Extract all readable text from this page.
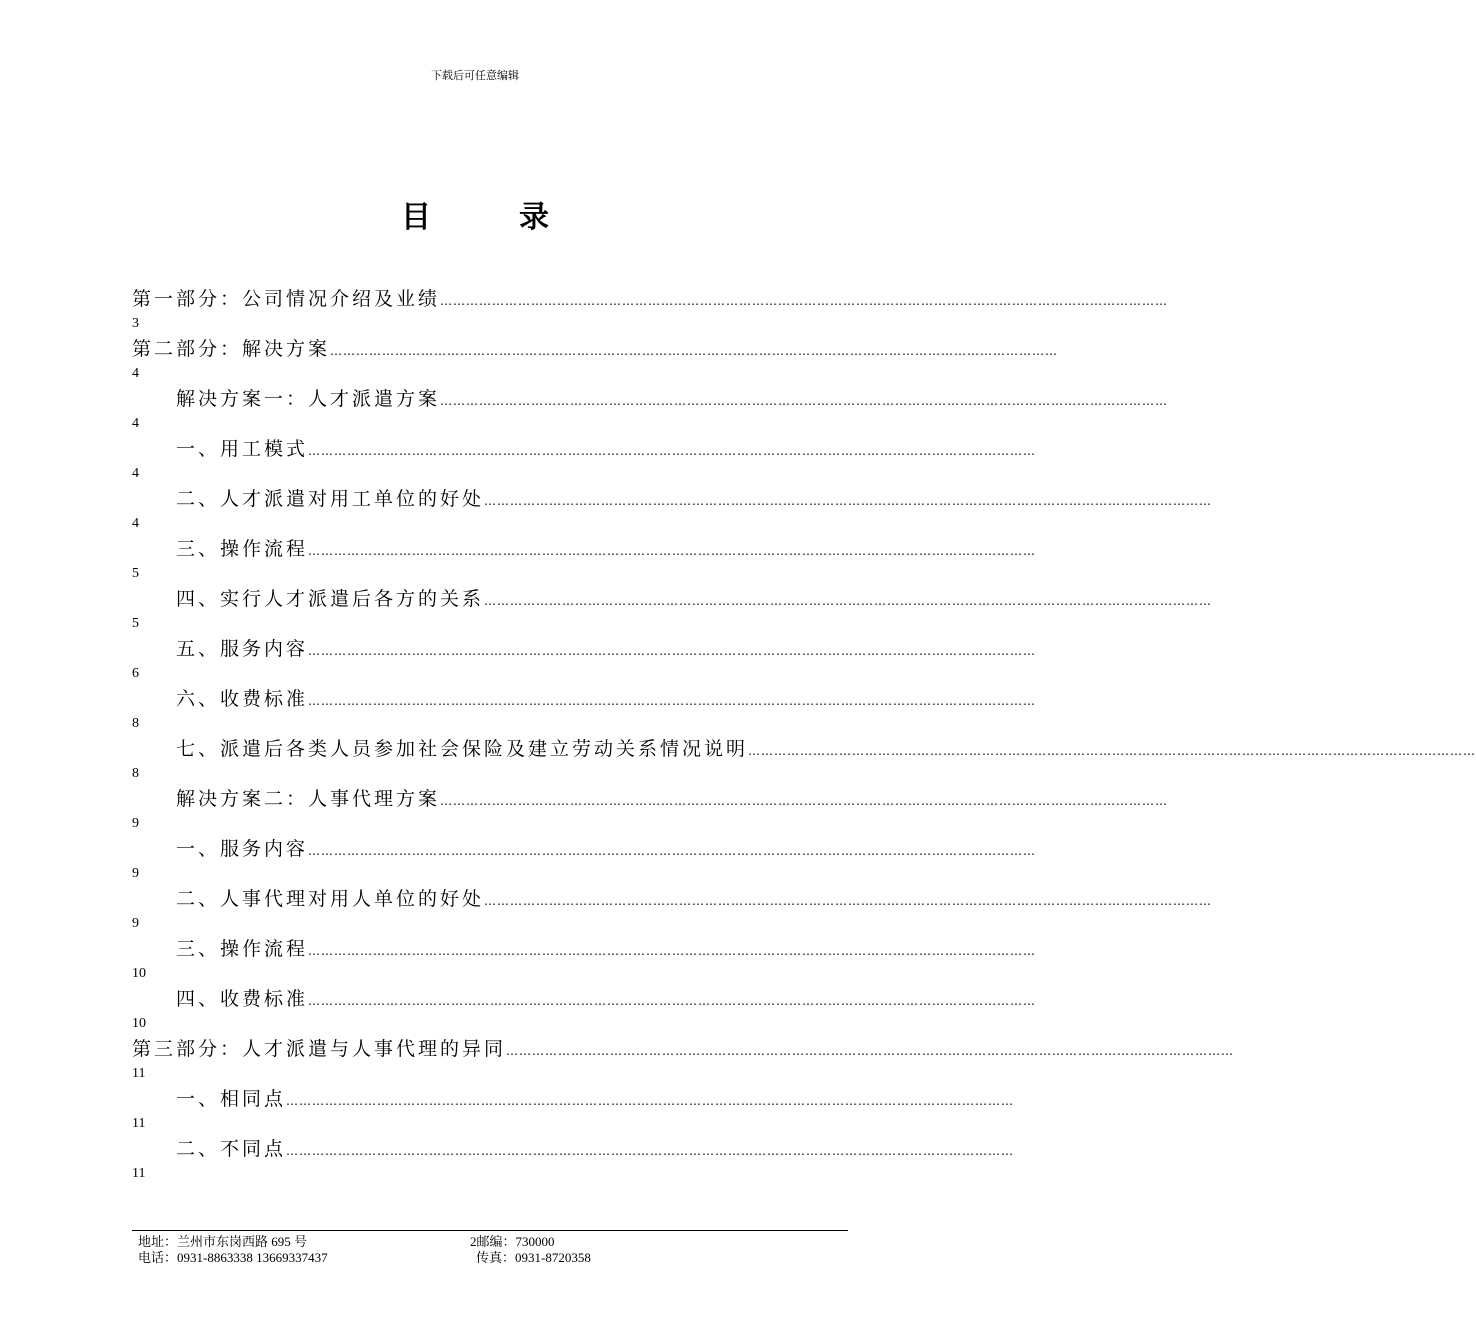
下载后可任意编辑
目	录
第一部分：公司情况介绍及业绩 ……………………………………………………………………………………………………………………………………………………
3
第二部分：解决方案 ……………………………………………………………………………………………………………………………………………………
4
解决方案一：人才派遣方案 ……………………………………………………………………………………………………………………………………………………
4
一、用工模式 ……………………………………………………………………………………………………………………………………………………
4
二、人才派遣对用工单位的好处 ……………………………………………………………………………………………………………………………………………………
4
三、操作流程 ……………………………………………………………………………………………………………………………………………………
5
四、实行人才派遣后各方的关系 ……………………………………………………………………………………………………………………………………………………
5
五、服务内容 ……………………………………………………………………………………………………………………………………………………
6
六、收费标准 ……………………………………………………………………………………………………………………………………………………
8
七、派遣后各类人员参加社会保险及建立劳动关系情况说明 ……………………………………………………………………………………………………………………………………………………
8
解决方案二：人事代理方案 ……………………………………………………………………………………………………………………………………………………
9
一、服务内容 ……………………………………………………………………………………………………………………………………………………
9
二、人事代理对用人单位的好处 ……………………………………………………………………………………………………………………………………………………
9
三、操作流程 ……………………………………………………………………………………………………………………………………………………
10
四、收费标准 ……………………………………………………………………………………………………………………………………………………
10
第三部分：人才派遣与人事代理的异同 ……………………………………………………………………………………………………………………………………………………
11
一、相同点 ……………………………………………………………………………………………………………………………………………………
11
二、不同点 ……………………………………………………………………………………………………………………………………………………
11
地址：兰州市东岗西路 695 号	2邮编：730000
电话：0931-8863338 13669337437	传真：0931-8720358
